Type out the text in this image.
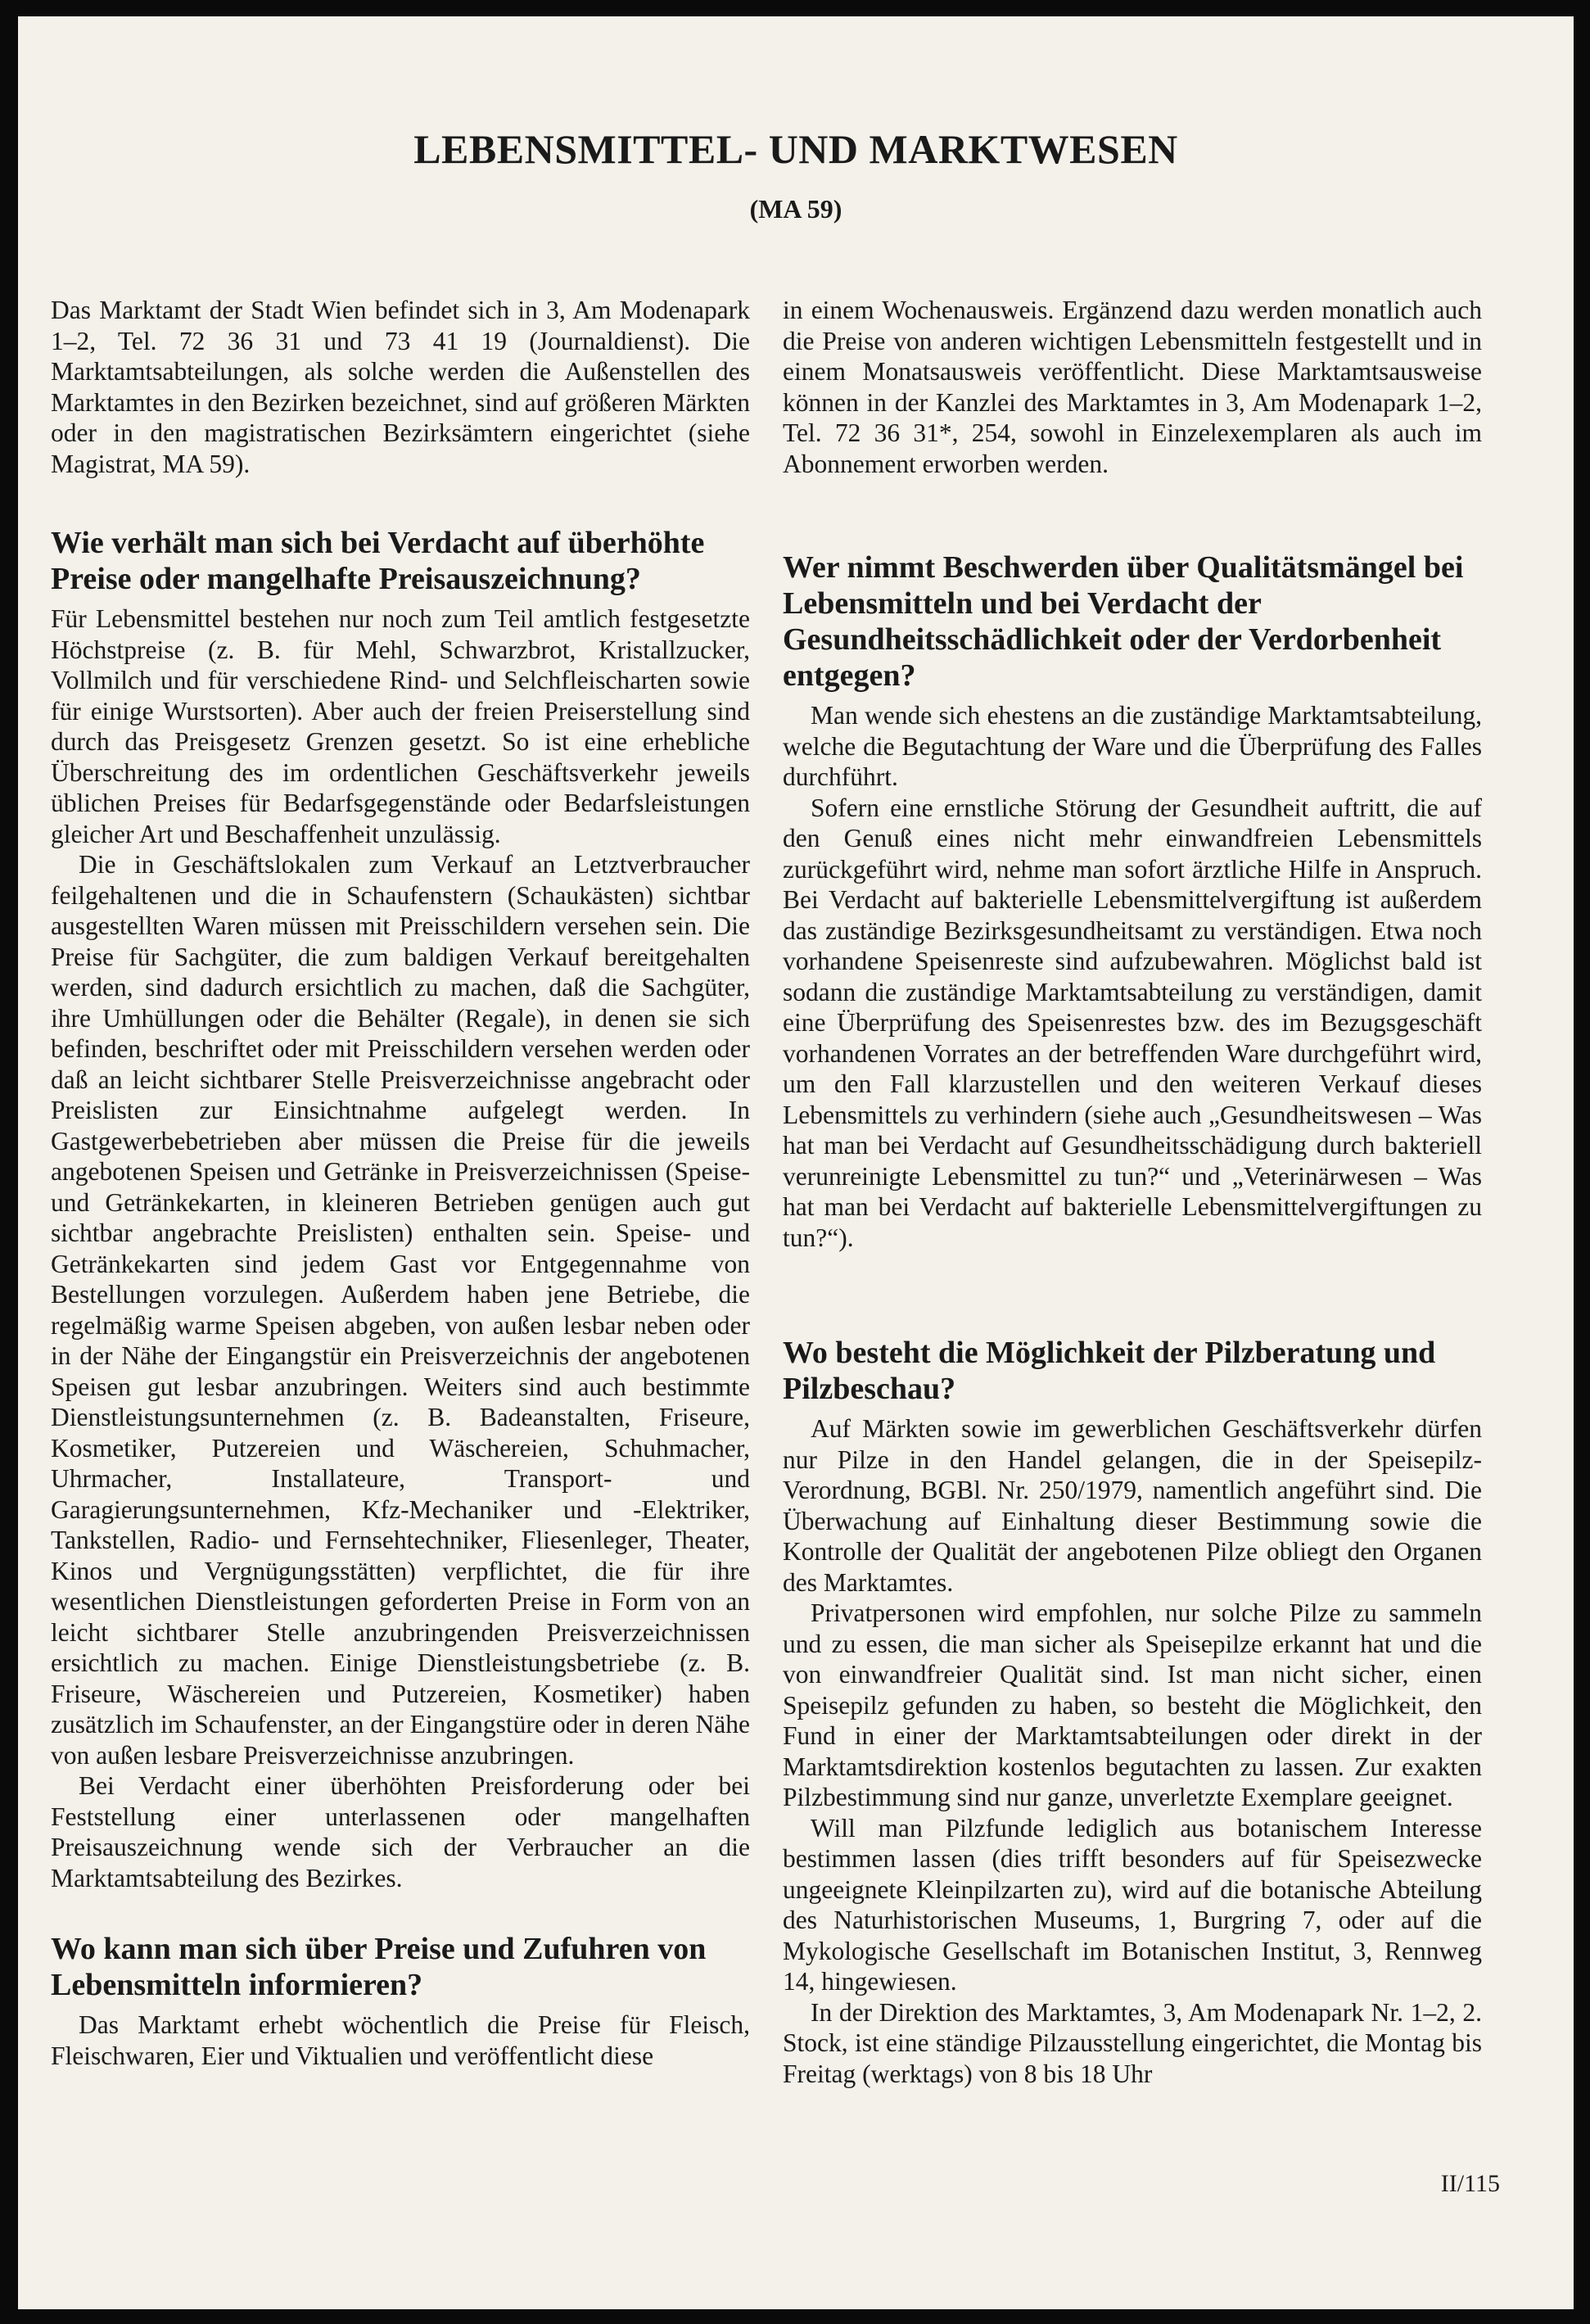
LEBENSMITTEL- UND MARKTWESEN
(MA 59)

Das Marktamt der Stadt Wien befindet sich in 3, Am Modenapark 1–2, Tel. 72 36 31 und 73 41 19 (Journaldienst). Die Marktamtsabteilungen, als solche werden die Außenstellen des Marktamtes in den Bezirken bezeichnet, sind auf größeren Märkten oder in den magistratischen Bezirksämtern eingerichtet (siehe Magistrat, MA 59).

Wie verhält man sich bei Verdacht auf überhöhte Preise oder mangelhafte Preisauszeichnung?

Für Lebensmittel bestehen nur noch zum Teil amtlich festgesetzte Höchstpreise (z. B. für Mehl, Schwarzbrot, Kristallzucker, Vollmilch und für verschiedene Rind- und Selchfleischarten sowie für einige Wurstsorten). Aber auch der freien Preiserstellung sind durch das Preisgesetz Grenzen gesetzt. So ist eine erhebliche Überschreitung des im ordentlichen Geschäftsverkehr jeweils üblichen Preises für Bedarfsgegenstände oder Bedarfsleistungen gleicher Art und Beschaffenheit unzulässig.

Die in Geschäftslokalen zum Verkauf an Letztverbraucher feilgehaltenen und die in Schaufenstern (Schaukästen) sichtbar ausgestellten Waren müssen mit Preisschildern versehen sein. Die Preise für Sachgüter, die zum baldigen Verkauf bereitgehalten werden, sind dadurch ersichtlich zu machen, daß die Sachgüter, ihre Umhüllungen oder die Behälter (Regale), in denen sie sich befinden, beschriftet oder mit Preisschildern versehen werden oder daß an leicht sichtbarer Stelle Preisverzeichnisse angebracht oder Preislisten zur Einsichtnahme aufgelegt werden. In Gastgewerbebetrieben aber müssen die Preise für die jeweils angebotenen Speisen und Getränke in Preisverzeichnissen (Speise- und Getränkekarten, in kleineren Betrieben genügen auch gut sichtbar angebrachte Preislisten) enthalten sein. Speise- und Getränkekarten sind jedem Gast vor Entgegennahme von Bestellungen vorzulegen. Außerdem haben jene Betriebe, die regelmäßig warme Speisen abgeben, von außen lesbar neben oder in der Nähe der Eingangstür ein Preisverzeichnis der angebotenen Speisen gut lesbar anzubringen. Weiters sind auch bestimmte Dienstleistungsunternehmen (z. B. Badeanstalten, Friseure, Kosmetiker, Putzereien und Wäschereien, Schuhmacher, Uhrmacher, Installateure, Transport- und Garagierungsunternehmen, Kfz-Mechaniker und -Elektriker, Tankstellen, Radio- und Fernsehtechniker, Fliesenleger, Theater, Kinos und Vergnügungsstätten) verpflichtet, die für ihre wesentlichen Dienstleistungen geforderten Preise in Form von an leicht sichtbarer Stelle anzubringenden Preisverzeichnissen ersichtlich zu machen. Einige Dienstleistungsbetriebe (z. B. Friseure, Wäschereien und Putzereien, Kosmetiker) haben zusätzlich im Schaufenster, an der Eingangstüre oder in deren Nähe von außen lesbare Preisverzeichnisse anzubringen.

Bei Verdacht einer überhöhten Preisforderung oder bei Feststellung einer unterlassenen oder mangelhaften Preisauszeichnung wende sich der Verbraucher an die Marktamtsabteilung des Bezirkes.

Wo kann man sich über Preise und Zufuhren von Lebensmitteln informieren?

Das Marktamt erhebt wöchentlich die Preise für Fleisch, Fleischwaren, Eier und Viktualien und veröffentlicht diese

in einem Wochenausweis. Ergänzend dazu werden monatlich auch die Preise von anderen wichtigen Lebensmitteln festgestellt und in einem Monatsausweis veröffentlicht. Diese Marktamtsausweise können in der Kanzlei des Marktamtes in 3, Am Modenapark 1–2, Tel. 72 36 31*, 254, sowohl in Einzelexemplaren als auch im Abonnement erworben werden.

Wer nimmt Beschwerden über Qualitätsmängel bei Lebensmitteln und bei Verdacht der Gesundheitsschädlichkeit oder der Verdorbenheit entgegen?

Man wende sich ehestens an die zuständige Marktamtsabteilung, welche die Begutachtung der Ware und die Überprüfung des Falles durchführt.

Sofern eine ernstliche Störung der Gesundheit auftritt, die auf den Genuß eines nicht mehr einwandfreien Lebensmittels zurückgeführt wird, nehme man sofort ärztliche Hilfe in Anspruch. Bei Verdacht auf bakterielle Lebensmittelvergiftung ist außerdem das zuständige Bezirksgesundheitsamt zu verständigen. Etwa noch vorhandene Speisenreste sind aufzubewahren. Möglichst bald ist sodann die zuständige Marktamtsabteilung zu verständigen, damit eine Überprüfung des Speisenrestes bzw. des im Bezugsgeschäft vorhandenen Vorrates an der betreffenden Ware durchgeführt wird, um den Fall klarzustellen und den weiteren Verkauf dieses Lebensmittels zu verhindern (siehe auch „Gesundheitswesen – Was hat man bei Verdacht auf Gesundheitsschädigung durch bakteriell verunreinigte Lebensmittel zu tun?“ und „Veterinärwesen – Was hat man bei Verdacht auf bakterielle Lebensmittelvergiftungen zu tun?“).

Wo besteht die Möglichkeit der Pilzberatung und Pilzbeschau?

Auf Märkten sowie im gewerblichen Geschäftsverkehr dürfen nur Pilze in den Handel gelangen, die in der Speisepilz-Verordnung, BGBl. Nr. 250/1979, namentlich angeführt sind. Die Überwachung auf Einhaltung dieser Bestimmung sowie die Kontrolle der Qualität der angebotenen Pilze obliegt den Organen des Marktamtes.

Privatpersonen wird empfohlen, nur solche Pilze zu sammeln und zu essen, die man sicher als Speisepilze erkannt hat und die von einwandfreier Qualität sind. Ist man nicht sicher, einen Speisepilz gefunden zu haben, so besteht die Möglichkeit, den Fund in einer der Marktamtsabteilungen oder direkt in der Marktamtsdirektion kostenlos begutachten zu lassen. Zur exakten Pilzbestimmung sind nur ganze, unverletzte Exemplare geeignet.

Will man Pilzfunde lediglich aus botanischem Interesse bestimmen lassen (dies trifft besonders auf für Speisezwecke ungeeignete Kleinpilzarten zu), wird auf die botanische Abteilung des Naturhistorischen Museums, 1, Burgring 7, oder auf die Mykologische Gesellschaft im Botanischen Institut, 3, Rennweg 14, hingewiesen.

In der Direktion des Marktamtes, 3, Am Modenapark Nr. 1–2, 2. Stock, ist eine ständige Pilzausstellung eingerichtet, die Montag bis Freitag (werktags) von 8 bis 18 Uhr

II/115
